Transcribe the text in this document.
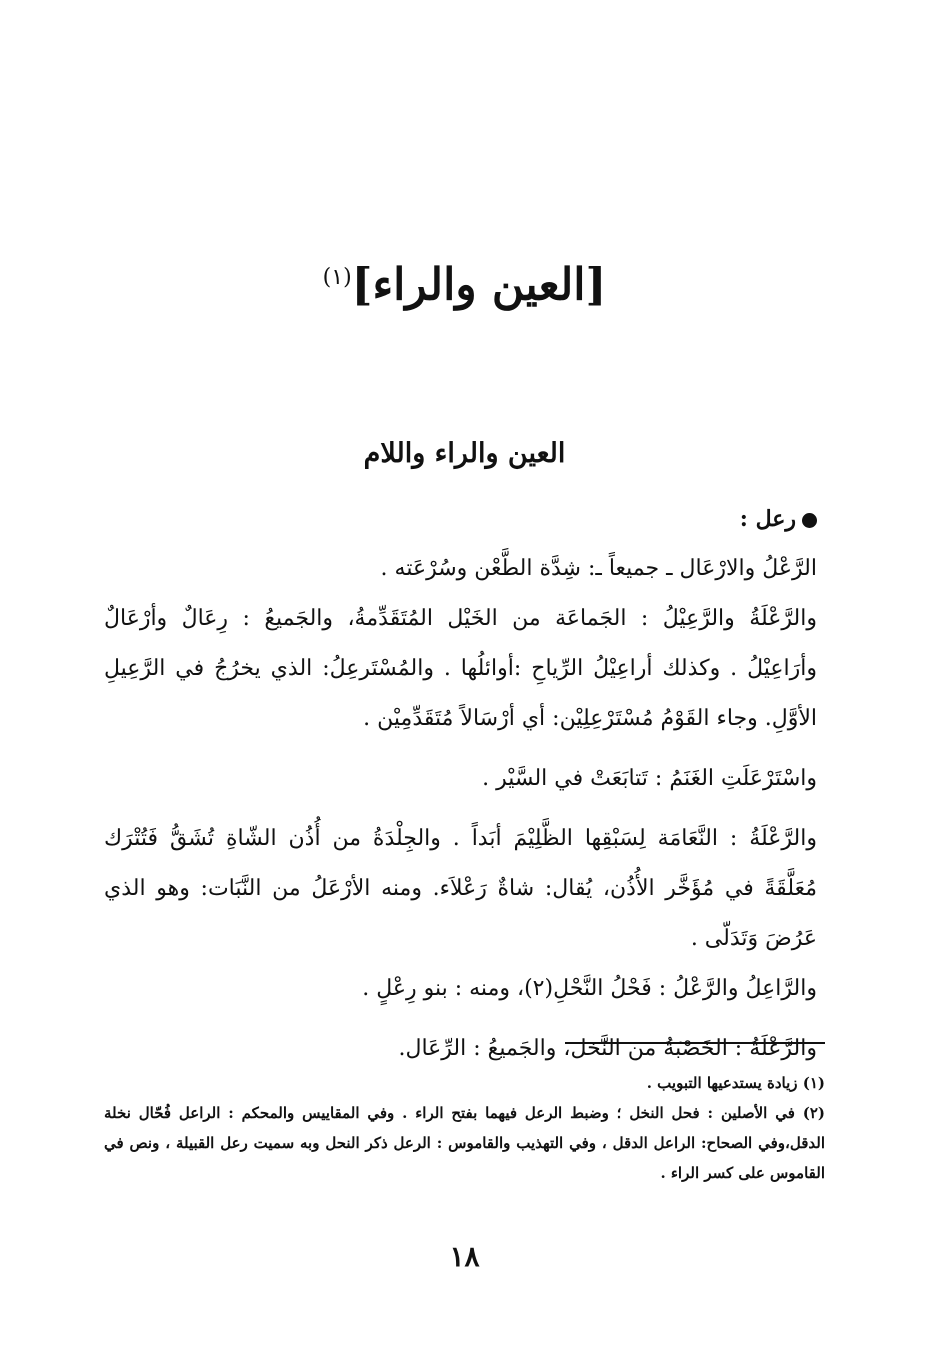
[العين والراء]$^{(١)}$
العين والراء واللام

رعل :

الرَّعْلُ والارْعَال ـ جميعاً ـ: شِدَّة الطَّعْن وسُرْعَته .

والرَّعْلَةُ والرَّعِيْلُ : الجَماعَة من الخَيْل المُتَقَدِّمةُ، والجَميعُ : رِعَالٌ وأرْعَالٌ وأرَاعِيْلُ . وكذلك أراعِيْلُ الرِّياحِ :أوائلُها . والمُسْتَرعِلُ: الذي يخرُجُ في الرَّعِيلِ الأوَّلِ. وجاء القَوْمُ مُسْتَرْعِلِيْن: أي أرْسَالاً مُتَقَدِّمِيْن .

واسْتَرْعَلَتِ الغَنَمُ : تَتابَعَتْ في السَّيْر .

والرَّعْلَةُ : النَّعَامَة لِسَبْقِها الظَّلِيْمَ أبَداً . والجِلْدَةُ من أُذُن الشّاةِ تُشَقُّ فَتُتْرَك مُعَلَّقَةً في مُؤَخَّر الأُذُن، يُقال: شاةٌ رَعْلاَء. ومنه الأرْعَلُ من النَّبَات: وهو الذي عَرُضَ وَتَدَلّى .

والرَّاعِلُ والرَّعْلُ : فَحْلُ النَّحْلِ(٢)، ومنه : بنو رِعْلٍ .

والرَّعْلَةُ : الخَصْبَةُ من النَّخل، والجَميعُ : الرِّعَال.

(١) زيادة يستدعيها التبويب .

(٢) في الأصلين : فحل النخل ؛ وضبط الرعل فيهما بفتح الراء . وفي المقاييس والمحكم : الراعل فُحّال نخلة الدقل،وفي الصحاح: الراعل الدقل ، وفي التهذيب والقاموس : الرعل ذكر النحل وبه سميت رعل القبيلة ، ونص في القاموس على كسر الراء .

١٨
